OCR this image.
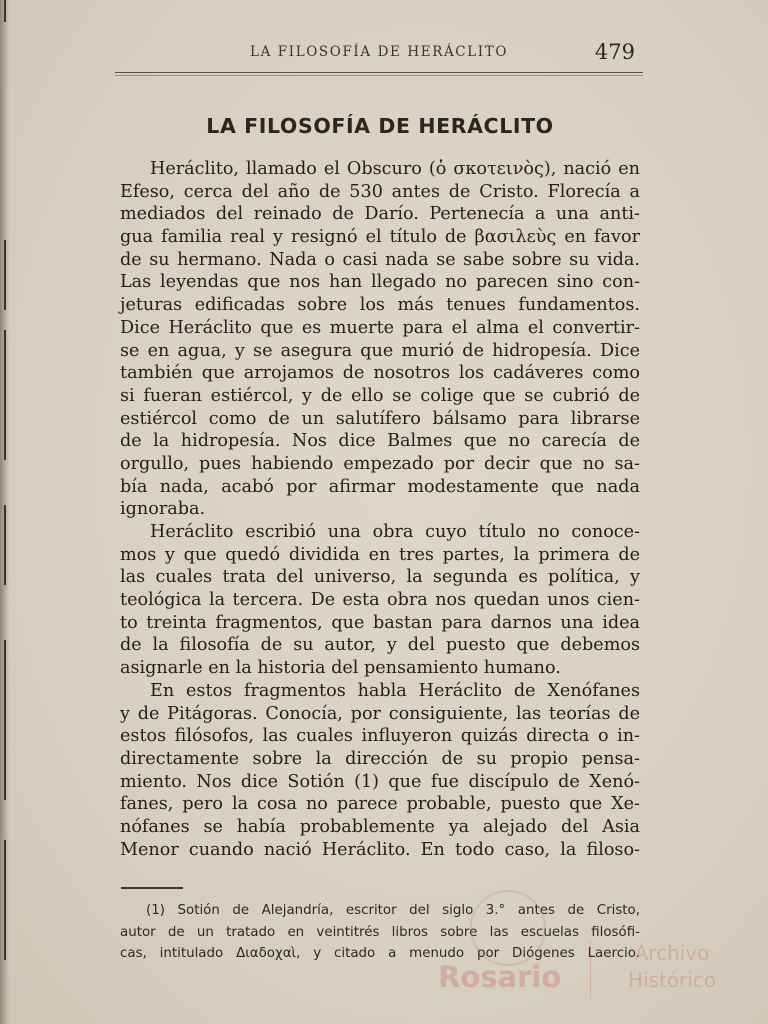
LA FILOSOFÍA DE HERÁCLITO	479
LA FILOSOFÍA DE HERÁCLITO
Heráclito, llamado el Obscuro (ὁ σκοτεινὸς), nació en
Efeso, cerca del año de 530 antes de Cristo. Florecía a
mediados del reinado de Darío. Pertenecía a una anti-
gua familia real y resignó el título de βασιλεὺς en favor
de su hermano. Nada o casi nada se sabe sobre su vida.
Las leyendas que nos han llegado no parecen sino con-
jeturas edificadas sobre los más tenues fundamentos.
Dice Heráclito que es muerte para el alma el convertir-
se en agua, y se asegura que murió de hidropesía. Dice
también que arrojamos de nosotros los cadáveres como
si fueran estiércol, y de ello se colige que se cubrió de
estiércol como de un salutífero bálsamo para librarse
de la hidropesía. Nos dice Balmes que no carecía de
orgullo, pues habiendo empezado por decir que no sa-
bía nada, acabó por afirmar modestamente que nada
ignoraba.
Heráclito escribió una obra cuyo título no conoce-
mos y que quedó dividida en tres partes, la primera de
las cuales trata del universo, la segunda es política, y
teológica la tercera. De esta obra nos quedan unos cien-
to treinta fragmentos, que bastan para darnos una idea
de la filosofía de su autor, y del puesto que debemos
asignarle en la historia del pensamiento humano.
En estos fragmentos habla Heráclito de Xenófanes
y de Pitágoras. Conocía, por consiguiente, las teorías de
estos filósofos, las cuales influyeron quizás directa o in-
directamente sobre la dirección de su propio pensa-
miento. Nos dice Sotión (1) que fue discípulo de Xenó-
fanes, pero la cosa no parece probable, puesto que Xe-
nófanes se había probablemente ya alejado del Asia
Menor cuando nació Heráclito. En todo caso, la filoso-
(1) Sotión de Alejandría, escritor del siglo 3.° antes de Cristo,
autor de un tratado en veintitrés libros sobre las escuelas filosófi-
cas, intitulado Διαδοχαὶ, y citado a menudo por Diógenes Laercio.
Rosario
Archivo
Histórico
